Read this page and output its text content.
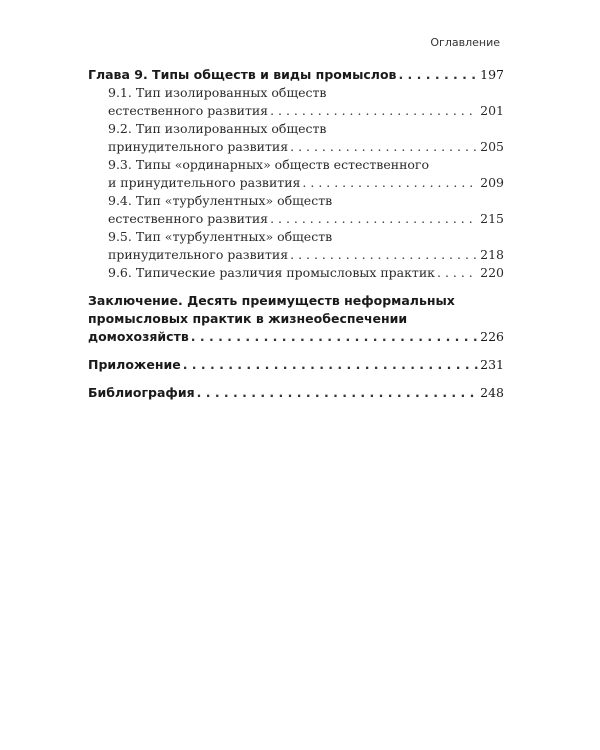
Оглавление
Глава 9. Типы обществ и виды промыслов . . .	197
9.1. Тип изолированных обществ
естественного развития . . .	201
9.2. Тип изолированных обществ
принудительного развития . . .	205
9.3. Типы «ординарных» обществ естественного
и принудительного развития . . .	209
9.4. Тип «турбулентных» обществ
естественного развития . . .	215
9.5. Тип «турбулентных» обществ
принудительного развития . . .	218
9.6. Типические различия промысловых практик . . .	220
Заключение. Десять преимуществ неформальных
промысловых практик в жизнеобеспечении
домохозяйств . . .	226
Приложение . . .	231
Библиография . . .	248
